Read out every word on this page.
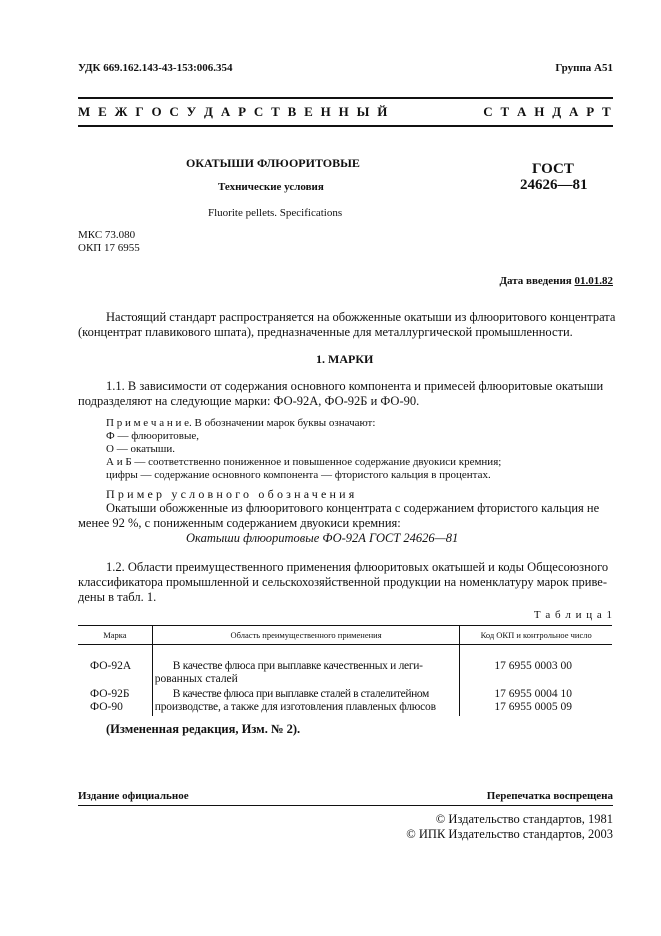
УДК 669.162.143-43-153:006.354	Группа А51
М Е Ж Г О С У Д А Р С Т В Е Н Н Ы Й	С Т А Н Д А Р Т
ОКАТЫШИ ФЛЮОРИТОВЫЕ
Технические условия
Fluorite pellets. Specifications
ГОСТ
24626—81
МКС 73.080
ОКП 17 6955
Дата введения 01.01.82
Настоящий стандарт распространяется на обожженные окатыши из флюоритового концентрата
(концентрат плавикового шпата), предназначенные для металлургической промышленности.
1. МАРКИ
1.1. В зависимости от содержания основного компонента и примесей флюоритовые окатыши
подразделяют на следующие марки: ФО-92А, ФО-92Б и ФО-90.
П р и м е ч а н и е. В обозначении марок буквы означают:
Ф — флюоритовые,
О — окатыши.
А и Б — соответственно пониженное и повышенное содержание двуокиси кремния;
цифры — содержание основного компонента — фтористого кальция в процентах.
Пример условного обозначения
Окатыши обожженные из флюоритового концентрата с содержанием фтористого кальция не
менее 92 %, с пониженным содержанием двуокиси кремния:
Окатыши флюоритовые ФО-92А ГОСТ 24626—81
1.2. Области преимущественного применения флюоритовых окатышей и коды Общесоюзного
классификатора промышленной и сельскохозяйственной продукции на номенклатуру марок приве-
дены в табл. 1.
Т а б л и ц а 1
Марка	Область преимущественного применения	Код ОКП и контрольное число
ФО-92А	В качестве флюса при выплавке качественных и леги-
рованных сталей	17 6955 0003 00
ФО-92Б	В качестве флюса при выплавке сталей в сталелитейном
производстве, а также для изготовления плавленых флюсов	17 6955 0004 10
ФО-90		17 6955 0005 09
(Измененная редакция, Изм. № 2).
Издание официальное	Перепечатка воспрещена
© Издательство стандартов, 1981
© ИПК Издательство стандартов, 2003
